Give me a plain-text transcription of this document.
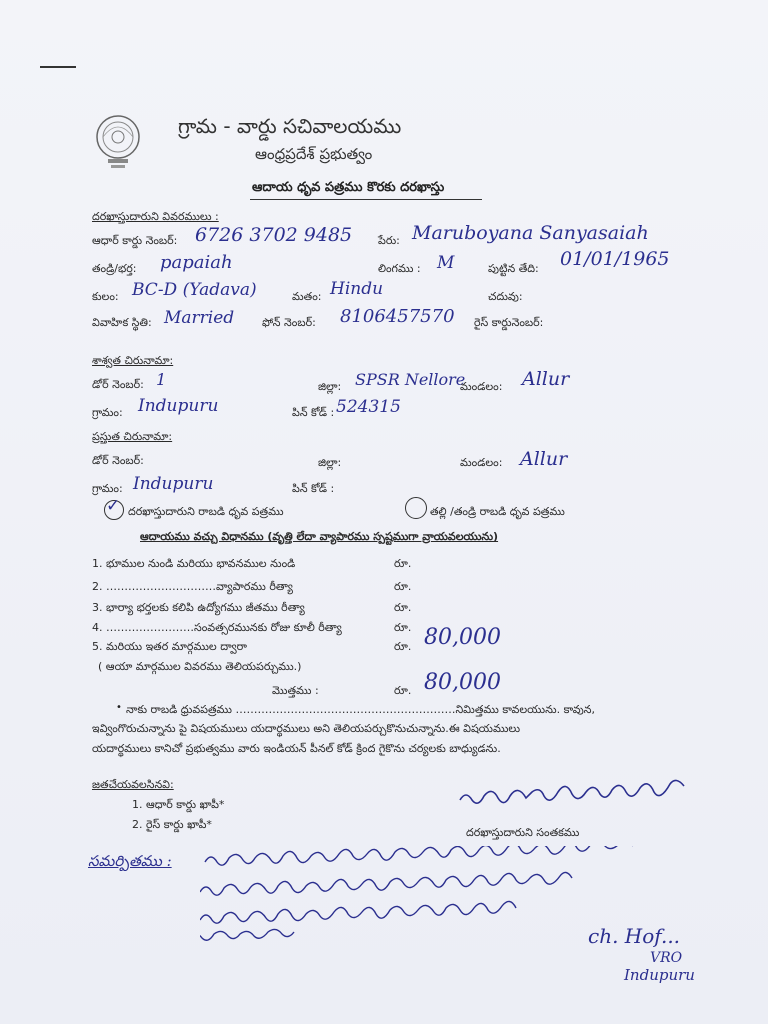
గ్రామ - వార్డు సచివాలయము
ఆంధ్రప్రదేశ్ ప్రభుత్వం
ఆదాయ ధృవ పత్రము కొరకు దరఖాస్తు
దరఖాస్తుదారుని వివరములు :
ఆధార్ కార్డు నెంబర్: 6726 3702 9485 పేరు: Maruboyana Sanyasaiah
తండ్రి/భర్త: papaiah	లింగము : M	పుట్టిన తేది: 01/01/1965
కులం: BC-D (Yadava)	మతం: Hindu	చదువు:
వివాహిక స్థితి: Married	ఫోన్ నెంబర్: 8106457570 రైస్ కార్డునెంబర్:
శాశ్వత చిరునామా:
డోర్ నెంబర్: 1	జిల్లా: SPSR Nellore
మండలం: Allur
గ్రామం: Indupuru	పిన్ కోడ్ : 524315
ప్రస్తుత చిరునామా:
డోర్ నెంబర్:	జిల్లా:	మండలం: Allur
గ్రామం: Indupuru	పిన్ కోడ్ :
✓ దరఖాస్తుదారుని రాబడి ధృవ పత్రము	తల్లి /తండ్రి రాబడి ధృవ పత్రము
ఆదాయము వచ్చు విధానము (వృత్తి లేదా వ్యాపారము స్పష్టముగా వ్రాయవలయును)
1. భూముల నుండి మరియు భావనముల నుండి	రూ.
2. …………………………వ్యాపారము రీత్యా	రూ.
3. భార్యా భర్తలకు కలిపి ఉద్యోగము జీతము రీత్యా	రూ.
4. ……………………సంవత్సరమునకు రోజు కూలీ రీత్యా	రూ.
5. మరియు ఇతర మార్గముల ద్వారా	రూ. 80,000
( ఆయా మార్గముల వివరము తెలియపర్చుము.)
మొత్తము :	రూ. 80,000
• నాకు రాబడి ధ్రువపత్రము ……………………………………………………నిమిత్తము కావలయును. కావున,
ఇవ్వింగొరుచున్నాను పై విషయములు యదార్థములు అని తెలియపర్చుకొనుచున్నాను.ఈ విషయములు
యదార్థములు కానిచో ప్రభుత్వము వారు ఇండియన్ పీనల్ కోడ్ క్రింద గైకొను చర్యలకు బాధ్యుడను.
జతచేయవలసినవి:
1. ఆధార్ కార్డు ఖాపీ*
2. రైస్ కార్డు ఖాపీ*
దరఖాస్తుదారుని సంతకము
సమర్పితము :
ch. Hof...
VRO
Indupuru
